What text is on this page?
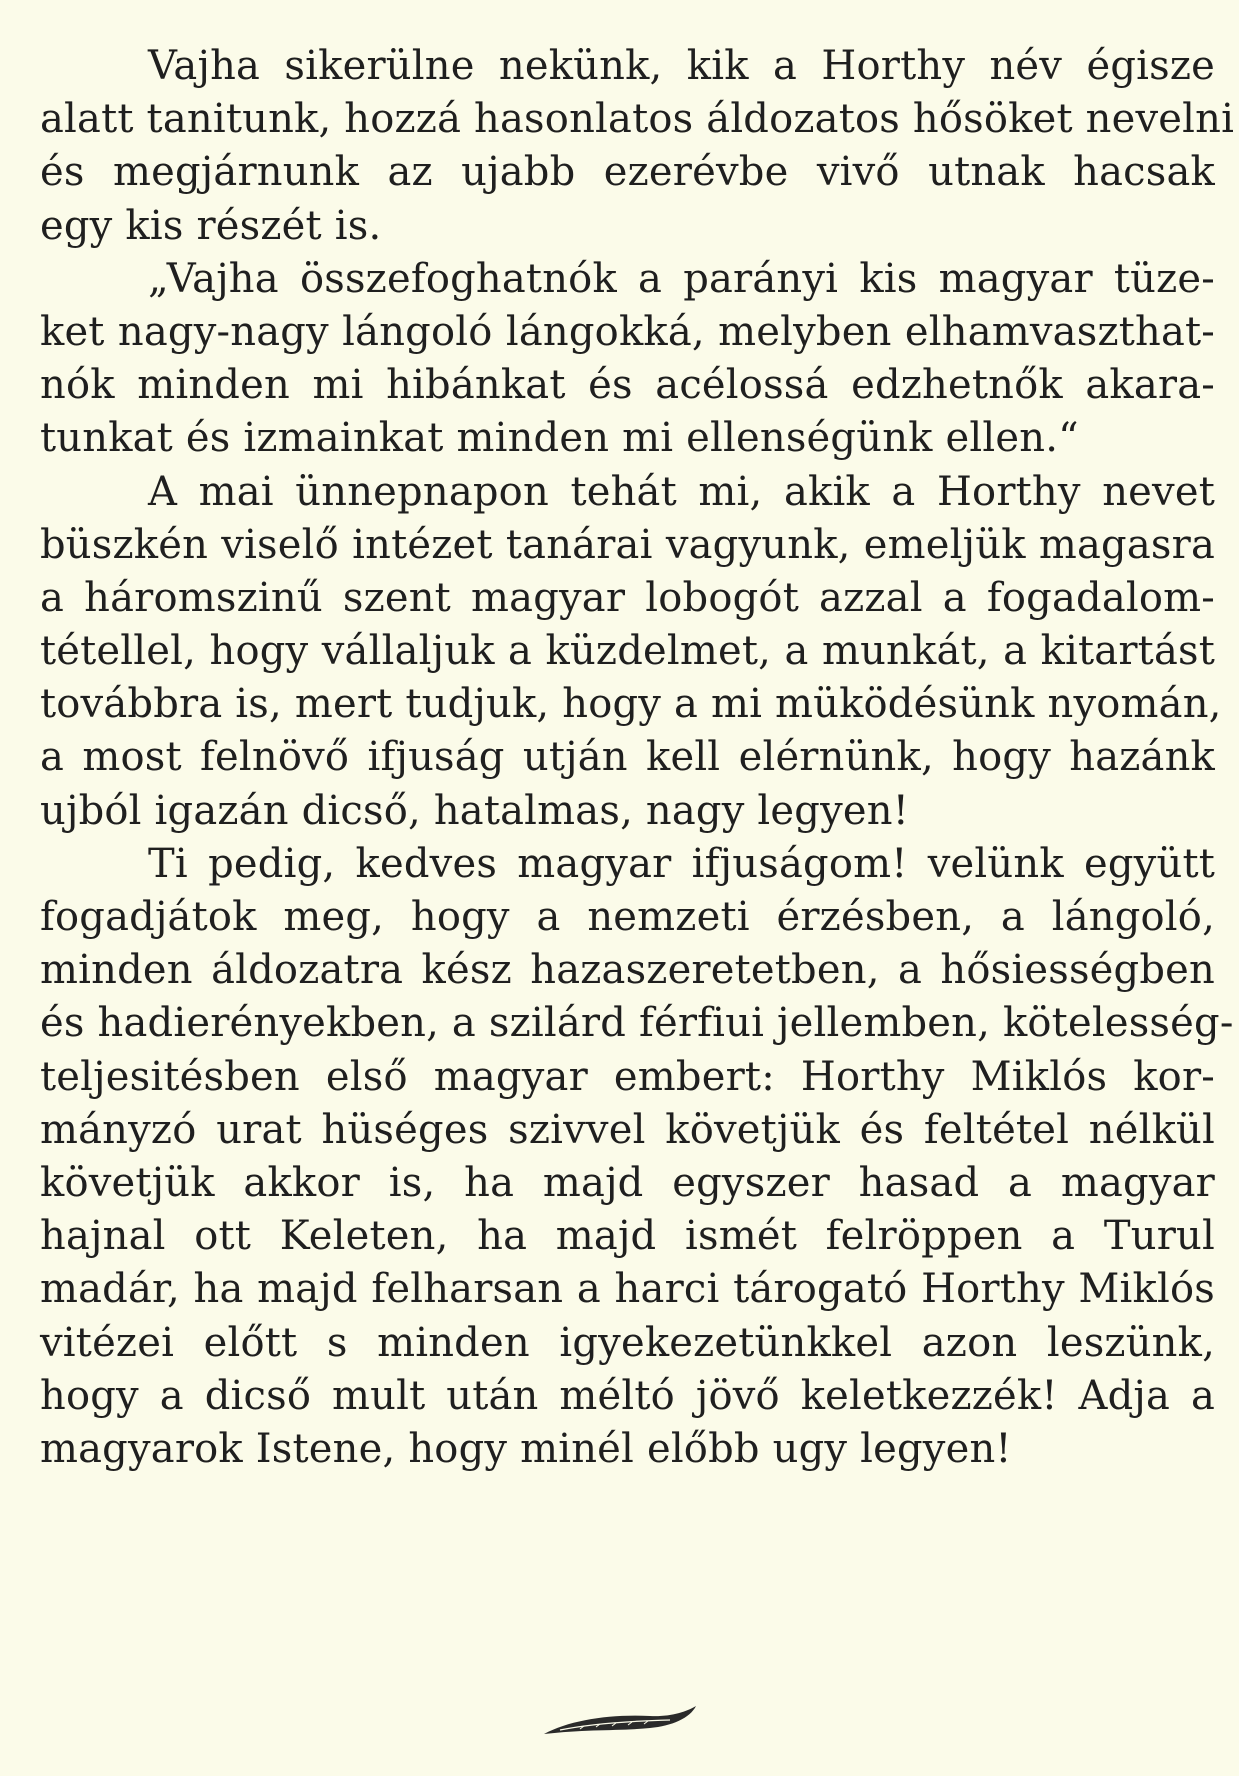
Vajha sikerülne nekünk, kik a Horthy név égisze
alatt tanitunk, hozzá hasonlatos áldozatos hősöket nevelni
és megjárnunk az ujabb ezerévbe vivő utnak hacsak
egy kis részét is.
„Vajha összefoghatnók a parányi kis magyar tüze-
ket nagy-nagy lángoló lángokká, melyben elhamvaszthat-
nók minden mi hibánkat és acélossá edzhetnők akara-
tunkat és izmainkat minden mi ellenségünk ellen.“
A mai ünnepnapon tehát mi, akik a Horthy nevet
büszkén viselő intézet tanárai vagyunk, emeljük magasra
a háromszinű szent magyar lobogót azzal a fogadalom-
tétellel, hogy vállaljuk a küzdelmet, a munkát, a kitartást
továbbra is, mert tudjuk, hogy a mi müködésünk nyomán,
a most felnövő ifjuság utján kell elérnünk, hogy hazánk
ujból igazán dicső, hatalmas, nagy legyen!
Ti pedig, kedves magyar ifjuságom! velünk együtt
fogadjátok meg, hogy a nemzeti érzésben, a lángoló,
minden áldozatra kész hazaszeretetben, a hősiességben
és hadierényekben, a szilárd férfiui jellemben, kötelesség-
teljesitésben első magyar embert: Horthy Miklós kor-
mányzó urat hüséges szivvel követjük és feltétel nélkül
követjük akkor is, ha majd egyszer hasad a magyar
hajnal ott Keleten, ha majd ismét felröppen a Turul
madár, ha majd felharsan a harci tárogató Horthy Miklós
vitézei előtt s minden igyekezetünkkel azon leszünk,
hogy a dicső mult után méltó jövő keletkezzék! Adja a
magyarok Istene, hogy minél előbb ugy legyen!
